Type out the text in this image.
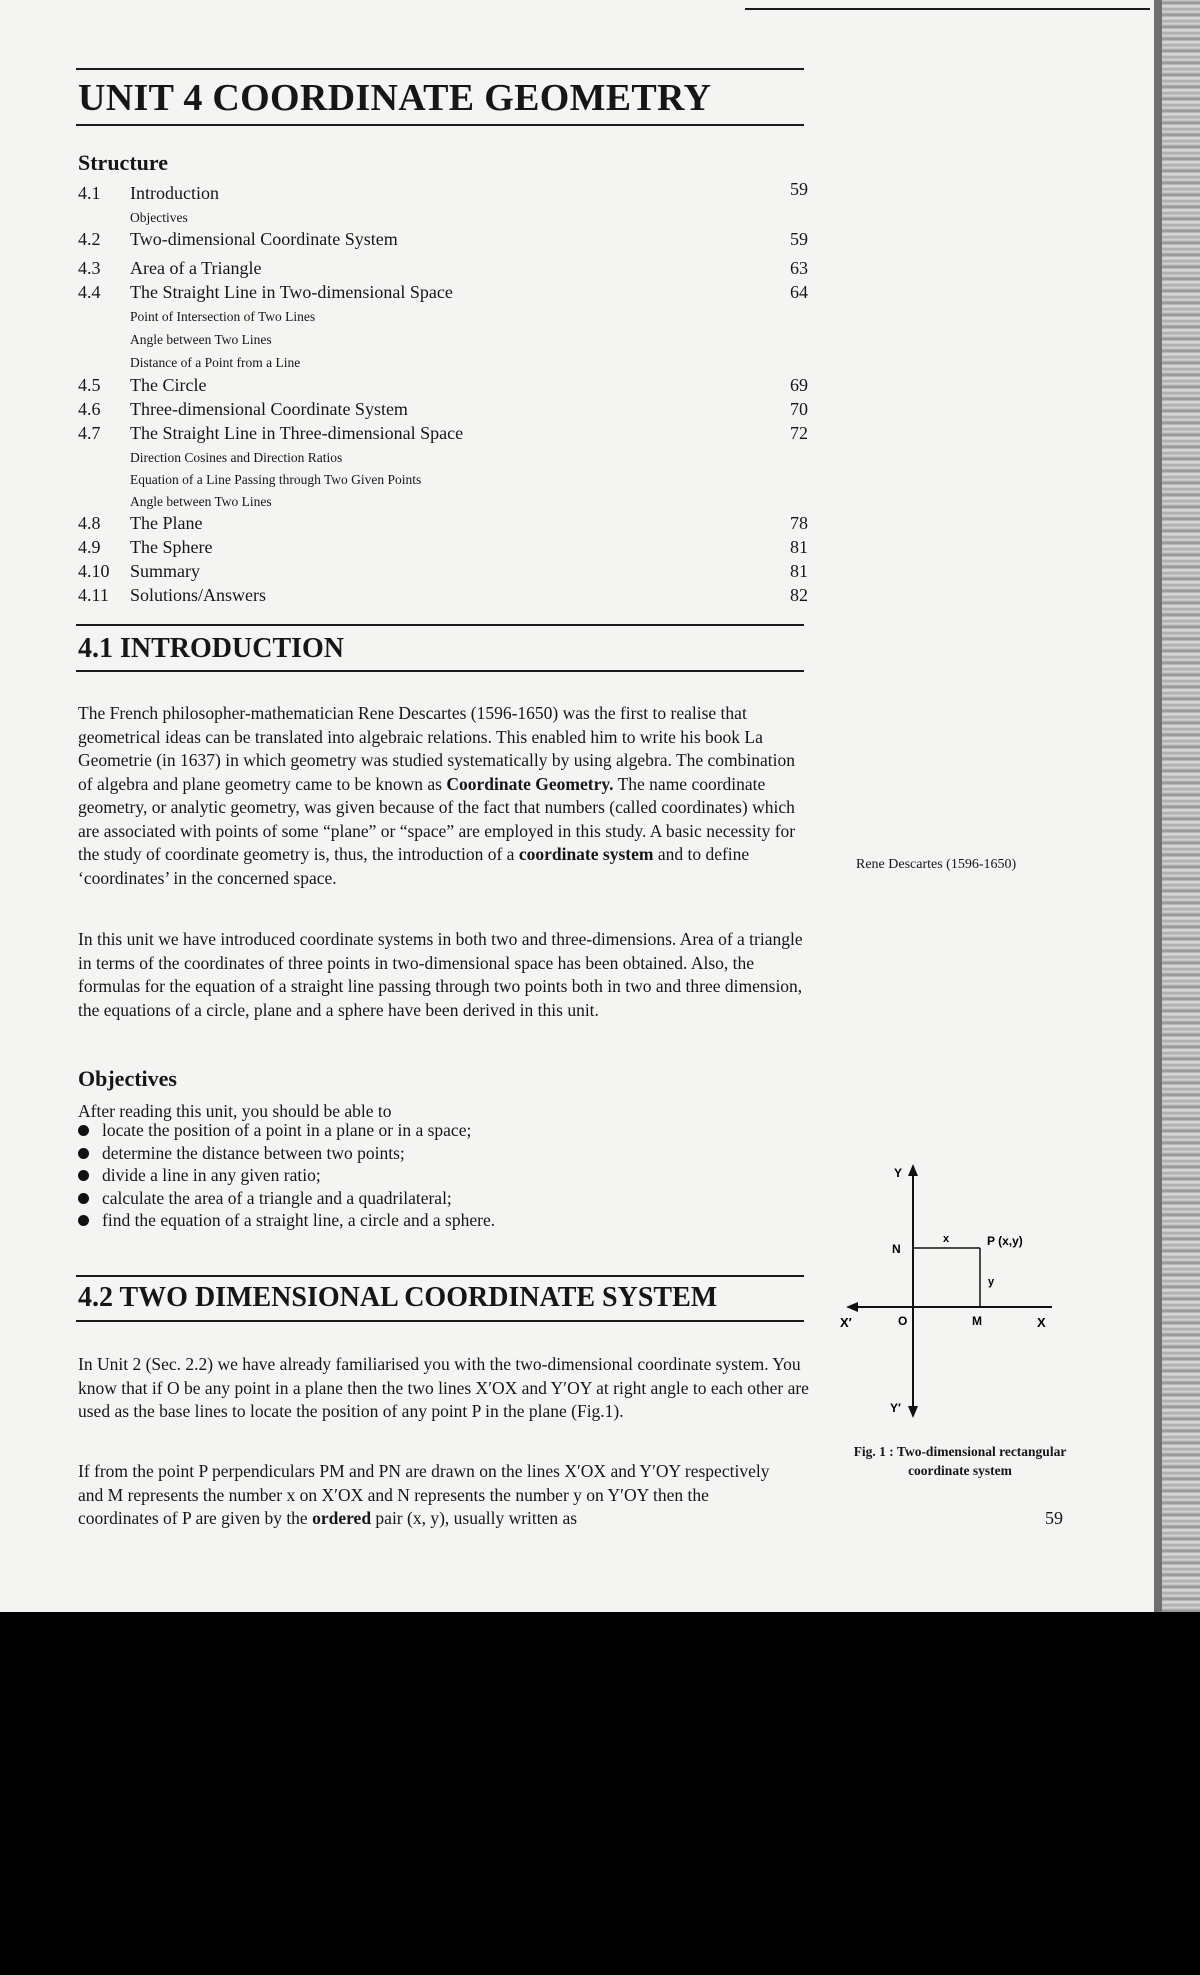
UNIT 4 COORDINATE GEOMETRY
Structure
4.1 Introduction	59
Objectives
4.2 Two-dimensional Coordinate System	59
4.3 Area of a Triangle	63
4.4 The Straight Line in Two-dimensional Space	64
Point of Intersection of Two Lines
Angle between Two Lines
Distance of a Point from a Line
4.5 The Circle	69
4.6 Three-dimensional Coordinate System	70
4.7 The Straight Line in Three-dimensional Space	72
Direction Cosines and Direction Ratios
Equation of a Line Passing through Two Given Points
Angle between Two Lines
4.8 The Plane	78
4.9 The Sphere	81
4.10 Summary	81
4.11 Solutions/Answers	82
4.1 INTRODUCTION

The French philosopher-mathematician Rene Descartes (1596-1650) was the first to realise that geometrical ideas can be translated into algebraic relations. This enabled him to write his book La Geometrie (in 1637) in which geometry was studied systematically by using algebra. The combination of algebra and plane geometry came to be known as Coordinate Geometry. The name coordinate geometry, or analytic geometry, was given because of the fact that numbers (called coordinates) which are associated with points of some “plane” or “space” are employed in this study. A basic necessity for the study of coordinate geometry is, thus, the introduction of a coordinate system and to define ‘coordinates’ in the concerned space.

Rene Descartes (1596-1650)

In this unit we have introduced coordinate systems in both two and three-dimensions. Area of a triangle in terms of the coordinates of three points in two-dimensional space has been obtained. Also, the formulas for the equation of a straight line passing through two points both in two and three dimension, the equations of a circle, plane and a sphere have been derived in this unit.

Objectives
After reading this unit, you should be able to
locate the position of a point in a plane or in a space;
determine the distance between two points;
divide a line in any given ratio;
calculate the area of a triangle and a quadrilateral;
find the equation of a straight line, a circle and a sphere.
4.2 TWO DIMENSIONAL COORDINATE SYSTEM

In Unit 2 (Sec. 2.2) we have already familiarised you with the two-dimensional coordinate system. You know that if O be any point in a plane then the two lines X′OX and Y′OY at right angle to each other are used as the base lines to locate the position of any point P in the plane (Fig.1).

If from the point P perpendiculars PM and PN are drawn on the lines X′OX and Y′OY respectively and M represents the number x on X′OX and N represents the number y on Y′OY then the coordinates of P are given by the ordered pair (x, y), usually written as

Y
Y′
X′	X
O
N
M
P (x,y)
x
y
Fig. 1 : Two-dimensional rectangular
coordinate system
59
